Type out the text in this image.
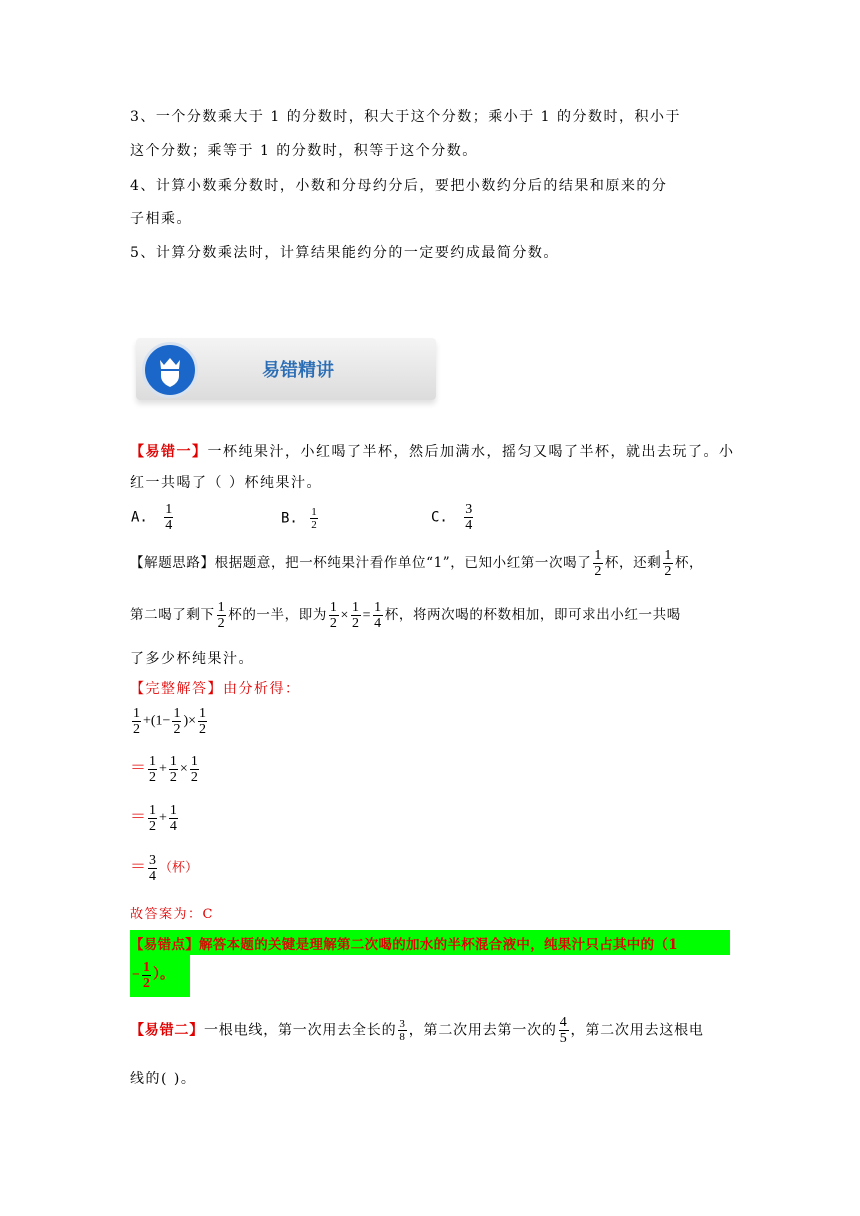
3、一个分数乘大于 1 的分数时，积大于这个分数；乘小于 1 的分数时，积小于
这个分数；乘等于 1 的分数时，积等于这个分数。
4、计算小数乘分数时，小数和分母约分后，要把小数约分后的结果和原来的分
子相乘。
5、计算分数乘法时，计算结果能约分的一定要约成最简分数。
易错精讲
【易错一】一杯纯果汁，小红喝了半杯，然后加满水，摇匀又喝了半杯，就出去玩了。小
红一共喝了（ ）杯纯果汁。
A. $\frac{1}{4}$	B. $\frac{1}{2}$	C. $\frac{3}{4}$
【解题思路】根据题意，把一杯纯果汁看作单位“1”，已知小红第一次喝了 $\frac{1}{2}$ 杯，还剩 $\frac{1}{2}$ 杯，
第二喝了剩下 $\frac{1}{2}$ 杯的一半，即为 $\frac{1}{2} \times \frac{1}{2} = \frac{1}{4}$ 杯，将两次喝的杯数相加，即可求出小红一共喝
了多少杯纯果汁。
【完整解答】由分析得：
$\frac{1}{2} +(1- \frac{1}{2}$ )× $\frac{1}{2}$
＝ $\frac{1}{2} + \frac{1}{2} \times \frac{1}{2}$
＝ $\frac{1}{2} + \frac{1}{4}$
＝ $\frac{3}{4}$ （杯）
故答案为：C
【易错点】解答本题的关键是理解第二次喝的加水的半杯混合液中，纯果汁只占其中的（1
− $\frac{1}{2}$ ）。
【易错二】一根电线，第一次用去全长的 $\frac{3}{8}$ ，第二次用去第一次的 $\frac{4}{5}$ ，第二次用去这根电
线的( )。
